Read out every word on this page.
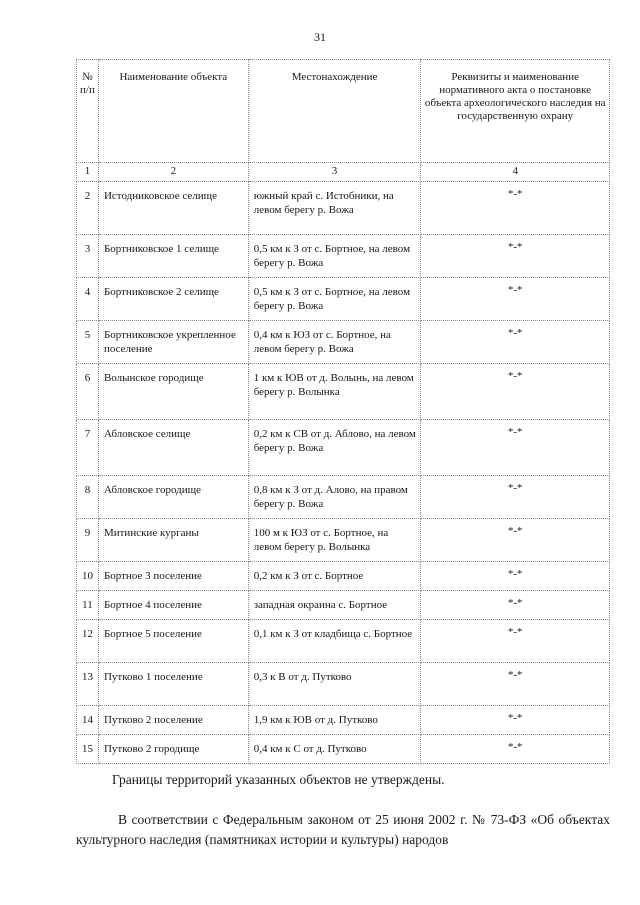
31
№ п/п	Наименование объекта	Местонахождение	Реквизиты и наименование нормативного акта о постановке объекта археологического наследия на государственную охрану
1	2	3	4
2	Истодниковское селище	южный край с. Истобники, на левом берегу р. Вожа	*-*
3	Бортниковское 1 селище	0,5 км к З от с. Бортное, на левом берегу р. Вожа	*-*
4	Бортниковское 2 селище	0,5 км к З от с. Бортное, на левом берегу р. Вожа	*-*
5	Бортниковское укрепленное поселение	0,4 км к ЮЗ от с. Бортное, на левом берегу р. Вожа	*-*
6	Волынское городище	1 км к ЮВ от д. Волынь, на левом берегу р. Волынка	*-*
7	Абловское селище	0,2 км к СВ от д. Аблово, на левом берегу р. Вожа	*-*
8	Абловское городище	0,8 км к З от д. Алово, на правом берегу р. Вожа	*-*
9	Митинские курганы	100 м к ЮЗ от с. Бортное, на левом берегу р. Волынка	*-*
10	Бортное 3 поселение	0,2 км к З от с. Бортное	*-*
11	Бортное 4 поселение	западная окраина с. Бортное	*-*
12	Бортное 5 поселение	0,1 км к З от кладбища с. Бортное	*-*
13	Путково 1 поселение	0,3 к В от д. Путково	*-*
14	Путково 2 поселение	1,9 км к ЮВ от д. Путково	*-*
15	Путково 2 городище	0,4 км к С от д. Путково	*-*
Границы территорий указанных объектов не утверждены.
В соответствии с Федеральным законом от 25 июня 2002 г. № 73-ФЗ «Об объектах культурного наследия (памятниках истории и культуры) народов
